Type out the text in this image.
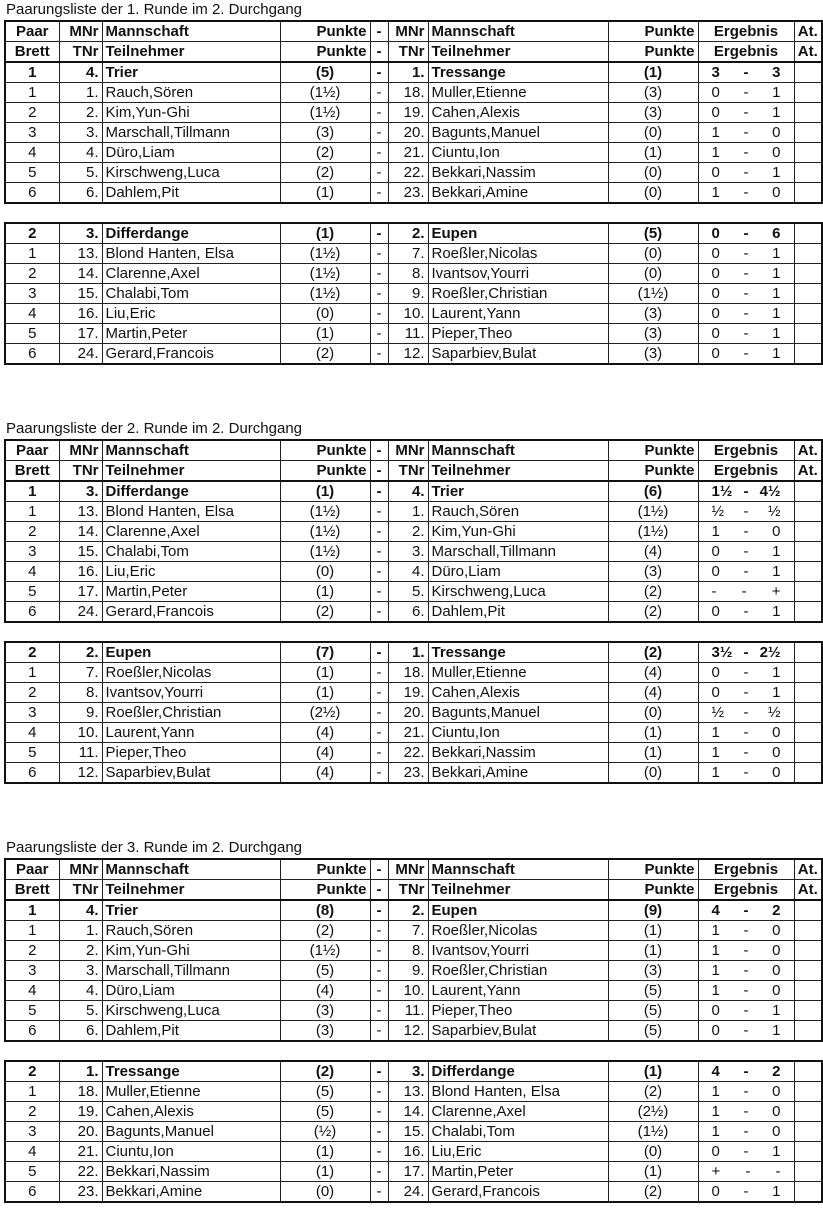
Paarungsliste der 1. Runde im 2. Durchgang
Paar	MNr	Mannschaft	Punkte	-	MNr	Mannschaft	Punkte	Ergebnis	At.
Brett	TNr	Teilnehmer	Punkte	-	TNr	Teilnehmer	Punkte	Ergebnis	At.
1	4.	Trier	(5)	-	1.	Tressange	(1)	3 - 3	

1	1.	Rauch,Sören	(1½)	-	18.	Muller,Etienne	(3)	0 - 1	

2	2.	Kim,Yun-Ghi	(1½)	-	19.	Cahen,Alexis	(3)	0 - 1	

3	3.	Marschall,Tillmann	(3)	-	20.	Bagunts,Manuel	(0)	1 - 0	

4	4.	Düro,Liam	(2)	-	21.	Ciuntu,Ion	(1)	1 - 0	

5	5.	Kirschweng,Luca	(2)	-	22.	Bekkari,Nassim	(0)	0 - 1	

6	6.	Dahlem,Pit	(1)	-	23.	Bekkari,Amine	(0)	1 - 0	

2	3.	Differdange	(1)	-	2.	Eupen	(5)	0 - 6	

1	13.	Blond Hanten, Elsa	(1½)	-	7.	Roeßler,Nicolas	(0)	0 - 1	

2	14.	Clarenne,Axel	(1½)	-	8.	Ivantsov,Yourri	(0)	0 - 1	

3	15.	Chalabi,Tom	(1½)	-	9.	Roeßler,Christian	(1½)	0 - 1	

4	16.	Liu,Eric	(0)	-	10.	Laurent,Yann	(3)	0 - 1	

5	17.	Martin,Peter	(1)	-	11.	Pieper,Theo	(3)	0 - 1	

6	24.	Gerard,Francois	(2)	-	12.	Saparbiev,Bulat	(3)	0 - 1	

Paarungsliste der 2. Runde im 2. Durchgang
Paar	MNr	Mannschaft	Punkte	-	MNr	Mannschaft	Punkte	Ergebnis	At.
Brett	TNr	Teilnehmer	Punkte	-	TNr	Teilnehmer	Punkte	Ergebnis	At.
1	3.	Differdange	(1)	-	4.	Trier	(6)	1½ - 4½	

1	13.	Blond Hanten, Elsa	(1½)	-	1.	Rauch,Sören	(1½)	½ - ½	

2	14.	Clarenne,Axel	(1½)	-	2.	Kim,Yun-Ghi	(1½)	1 - 0	

3	15.	Chalabi,Tom	(1½)	-	3.	Marschall,Tillmann	(4)	0 - 1	

4	16.	Liu,Eric	(0)	-	4.	Düro,Liam	(3)	0 - 1	

5	17.	Martin,Peter	(1)	-	5.	Kirschweng,Luca	(2)	- - +	

6	24.	Gerard,Francois	(2)	-	6.	Dahlem,Pit	(2)	0 - 1	

2	2.	Eupen	(7)	-	1.	Tressange	(2)	3½ - 2½	

1	7.	Roeßler,Nicolas	(1)	-	18.	Muller,Etienne	(4)	0 - 1	

2	8.	Ivantsov,Yourri	(1)	-	19.	Cahen,Alexis	(4)	0 - 1	

3	9.	Roeßler,Christian	(2½)	-	20.	Bagunts,Manuel	(0)	½ - ½	

4	10.	Laurent,Yann	(4)	-	21.	Ciuntu,Ion	(1)	1 - 0	

5	11.	Pieper,Theo	(4)	-	22.	Bekkari,Nassim	(1)	1 - 0	

6	12.	Saparbiev,Bulat	(4)	-	23.	Bekkari,Amine	(0)	1 - 0	

Paarungsliste der 3. Runde im 2. Durchgang
Paar	MNr	Mannschaft	Punkte	-	MNr	Mannschaft	Punkte	Ergebnis	At.
Brett	TNr	Teilnehmer	Punkte	-	TNr	Teilnehmer	Punkte	Ergebnis	At.
1	4.	Trier	(8)	-	2.	Eupen	(9)	4 - 2	

1	1.	Rauch,Sören	(2)	-	7.	Roeßler,Nicolas	(1)	1 - 0	

2	2.	Kim,Yun-Ghi	(1½)	-	8.	Ivantsov,Yourri	(1)	1 - 0	

3	3.	Marschall,Tillmann	(5)	-	9.	Roeßler,Christian	(3)	1 - 0	

4	4.	Düro,Liam	(4)	-	10.	Laurent,Yann	(5)	1 - 0	

5	5.	Kirschweng,Luca	(3)	-	11.	Pieper,Theo	(5)	0 - 1	

6	6.	Dahlem,Pit	(3)	-	12.	Saparbiev,Bulat	(5)	0 - 1	

2	1.	Tressange	(2)	-	3.	Differdange	(1)	4 - 2	

1	18.	Muller,Etienne	(5)	-	13.	Blond Hanten, Elsa	(2)	1 - 0	

2	19.	Cahen,Alexis	(5)	-	14.	Clarenne,Axel	(2½)	1 - 0	

3	20.	Bagunts,Manuel	(½)	-	15.	Chalabi,Tom	(1½)	1 - 0	

4	21.	Ciuntu,Ion	(1)	-	16.	Liu,Eric	(0)	0 - 1	

5	22.	Bekkari,Nassim	(1)	-	17.	Martin,Peter	(1)	+ - -	

6	23.	Bekkari,Amine	(0)	-	24.	Gerard,Francois	(2)	0 - 1	
